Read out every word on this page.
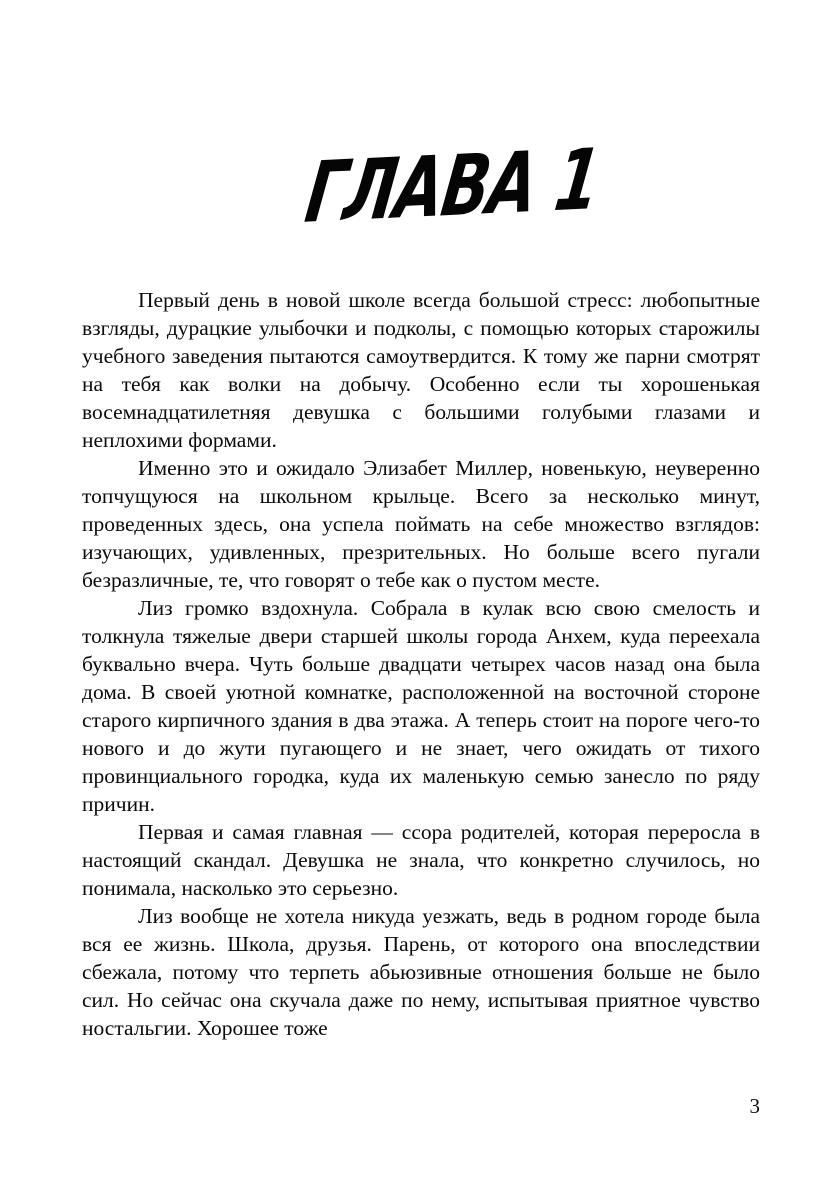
ГЛАВА 1

Первый день в новой школе всегда большой стресс: любопытные взгляды, дурацкие улыбочки и подколы, с помощью которых старожилы учебного заведения пытаются самоутвердится. К тому же парни смотрят на тебя как волки на добычу. Особенно если ты хорошенькая восемнадцатилетняя девушка с большими голубыми глазами и неплохими формами.

Именно это и ожидало Элизабет Миллер, новенькую, неуверенно топчущуюся на школьном крыльце. Всего за несколько минут, проведенных здесь, она успела поймать на себе множество взглядов: изучающих, удивленных, презрительных. Но больше всего пугали безразличные, те, что говорят о тебе как о пустом месте.

Лиз громко вздохнула. Собрала в кулак всю свою смелость и толкнула тяжелые двери старшей школы города Анхем, куда переехала буквально вчера. Чуть больше двадцати четырех часов назад она была дома. В своей уютной комнатке, расположенной на восточной стороне старого кирпичного здания в два этажа. А теперь стоит на пороге чего-то нового и до жути пугающего и не знает, чего ожидать от тихого провинциального городка, куда их маленькую семью занесло по ряду причин.

Первая и самая главная — ссора родителей, которая переросла в настоящий скандал. Девушка не знала, что конкретно случилось, но понимала, насколько это серьезно.

Лиз вообще не хотела никуда уезжать, ведь в родном городе была вся ее жизнь. Школа, друзья. Парень, от которого она впоследствии сбежала, потому что терпеть абьюзивные отношения больше не было сил. Но сейчас она скучала даже по нему, испытывая приятное чувство ностальгии. Хорошее тоже

3
